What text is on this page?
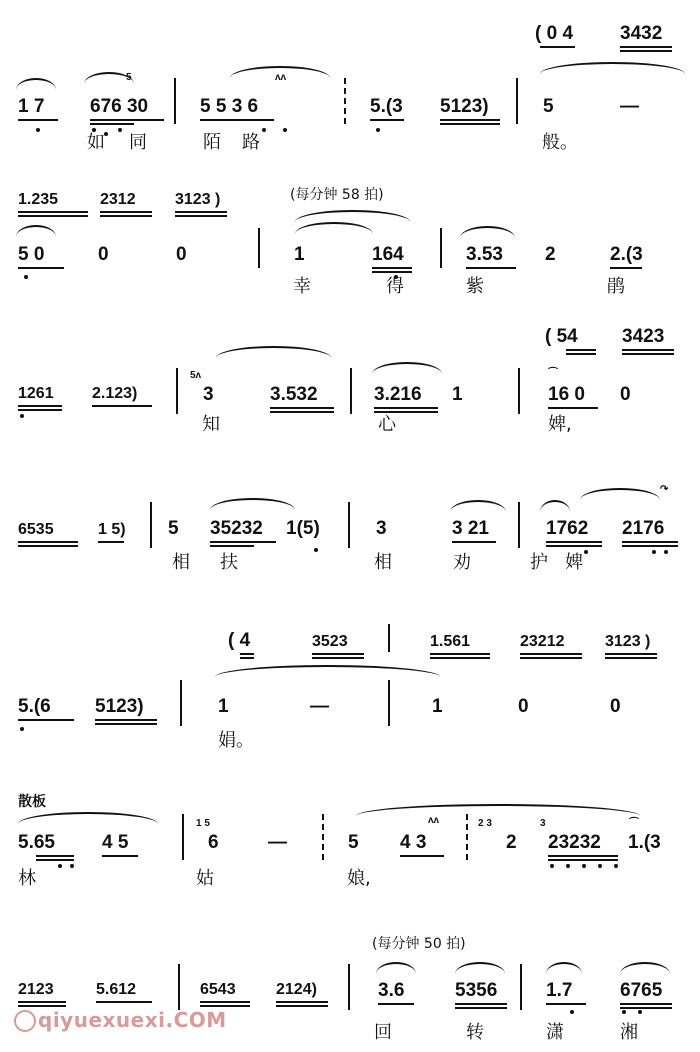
( 0 4 3432
5	ᴧᴧ
1 7 676 30	5 5 3 6	5.(3 5123)	5	—
如 同	陌 路	般。
1.235	2312 3123 )	(每分钟 58 拍)
5 0	0	0	1	164	3.53 2	2.(3
幸	得	紫	鹃
( 54 3423
5ᴧ	⌒
1261 2.123)	3	3.532	3.216 1	16 0 0
知	心	婢,
↷
6535	1 5) 5 35232 1(5)	3	3 21	1762 2176
相 扶	相	劝	护 婢
( 4	3523	1.561	23212	3123 )
5.(6 5123)	1	—	1	0	0
娟。
散板
1 5	ᴧᴧ	2 3	3	⌒
5.65 4 5	6	—	5 4 3	2 23232 1.(3
林	姑	娘,
(每分钟 50 拍)
2123	5.612	6543	2124)	3.6	5356	1.7	6765
回	转	潇	湘
qiyuexuexi.COM
